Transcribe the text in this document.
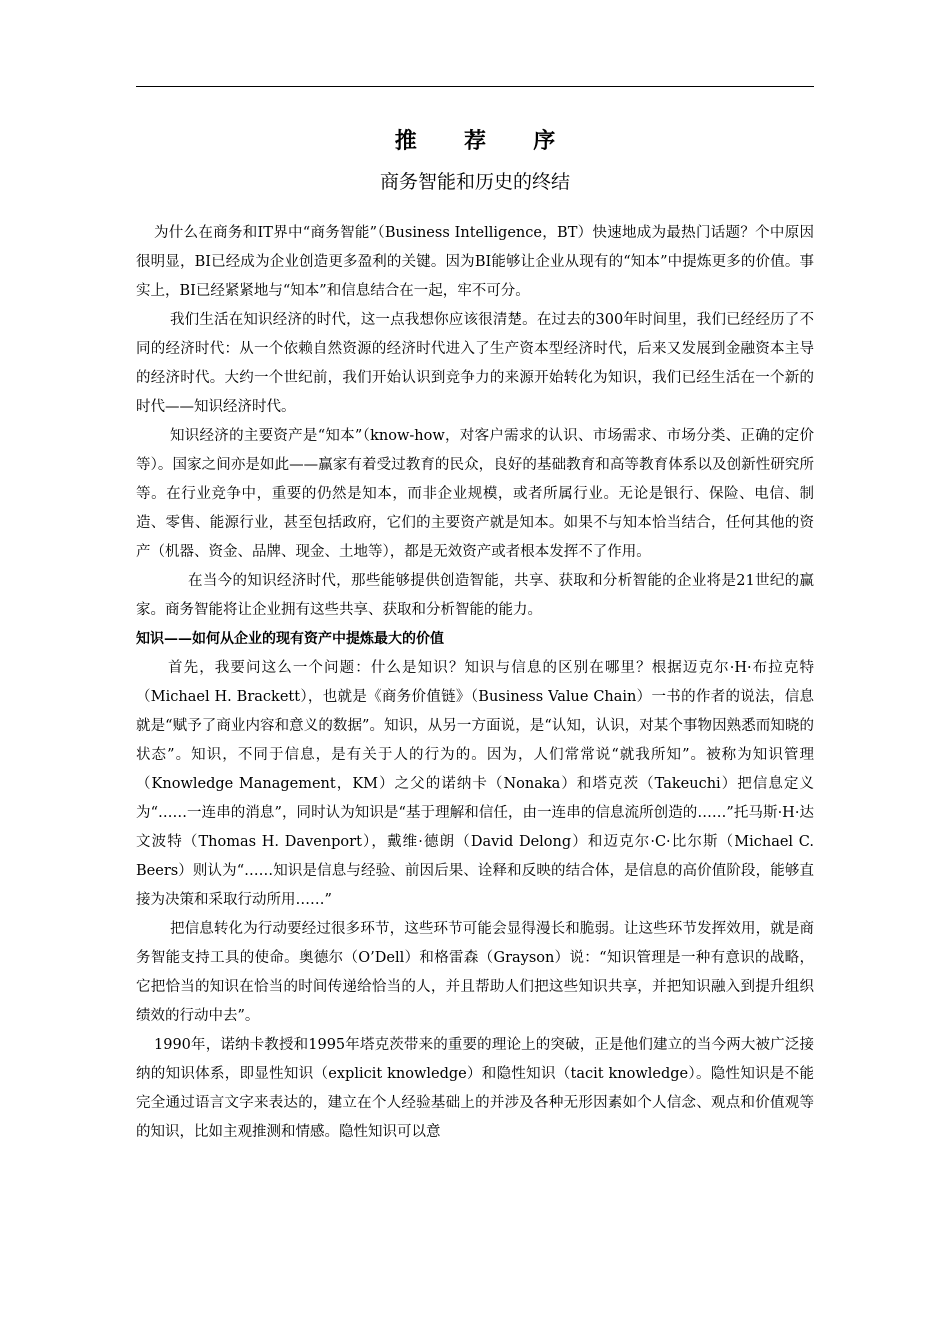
推 荐 序
商务智能和历史的终结

为什么在商务和IT界中“商务智能”（Business Intelligence，BT）快速地成为最热门话题？个中原因很明显，BI已经成为企业创造更多盈利的关键。因为BI能够让企业从现有的“知本”中提炼更多的价值。事实上，BI已经紧紧地与“知本”和信息结合在一起，牢不可分。

我们生活在知识经济的时代，这一点我想你应该很清楚。在过去的300年时间里，我们已经经历了不同的经济时代：从一个依赖自然资源的经济时代进入了生产资本型经济时代，后来又发展到金融资本主导的经济时代。大约一个世纪前，我们开始认识到竞争力的来源开始转化为知识，我们已经生活在一个新的时代——知识经济时代。

知识经济的主要资产是“知本”（know-how，对客户需求的认识、市场需求、市场分类、正确的定价等）。国家之间亦是如此——赢家有着受过教育的民众，良好的基础教育和高等教育体系以及创新性研究所等。在行业竞争中，重要的仍然是知本，而非企业规模，或者所属行业。无论是银行、保险、电信、制造、零售、能源行业，甚至包括政府，它们的主要资产就是知本。如果不与知本恰当结合，任何其他的资产（机器、资金、品牌、现金、土地等），都是无效资产或者根本发挥不了作用。

在当今的知识经济时代，那些能够提供创造智能，共享、获取和分析智能的企业将是21世纪的赢家。商务智能将让企业拥有这些共享、获取和分析智能的能力。

知识——如何从企业的现有资产中提炼最大的价值

首先，我要问这么一个问题：什么是知识？知识与信息的区别在哪里？根据迈克尔·H·布拉克特（Michael H. Brackett），也就是《商务价值链》（Business Value Chain）一书的作者的说法，信息就是“赋予了商业内容和意义的数据”。知识，从另一方面说，是“认知，认识，对某个事物因熟悉而知晓的状态”。知识，不同于信息，是有关于人的行为的。因为，人们常常说“就我所知”。被称为知识管理（Knowledge Management，KM）之父的诺纳卡（Nonaka）和塔克茨（Takeuchi）把信息定义为“……一连串的消息”，同时认为知识是“基于理解和信任，由一连串的信息流所创造的……”托马斯·H·达文波特（Thomas H. Davenport），戴维·德朗（David Delong）和迈克尔·C·比尔斯（Michael C. Beers）则认为“……知识是信息与经验、前因后果、诠释和反映的结合体，是信息的高价值阶段，能够直接为决策和采取行动所用……”

把信息转化为行动要经过很多环节，这些环节可能会显得漫长和脆弱。让这些环节发挥效用，就是商务智能支持工具的使命。奥德尔（O’Dell）和格雷森（Grayson）说：“知识管理是一种有意识的战略，它把恰当的知识在恰当的时间传递给恰当的人，并且帮助人们把这些知识共享，并把知识融入到提升组织绩效的行动中去”。

1990年，诺纳卡教授和1995年塔克茨带来的重要的理论上的突破，正是他们建立的当今两大被广泛接纳的知识体系，即显性知识（explicit knowledge）和隐性知识（tacit knowledge）。隐性知识是不能完全通过语言文字来表达的，建立在个人经验基础上的并涉及各种无形因素如个人信念、观点和价值观等的知识，比如主观推测和情感。隐性知识可以意
